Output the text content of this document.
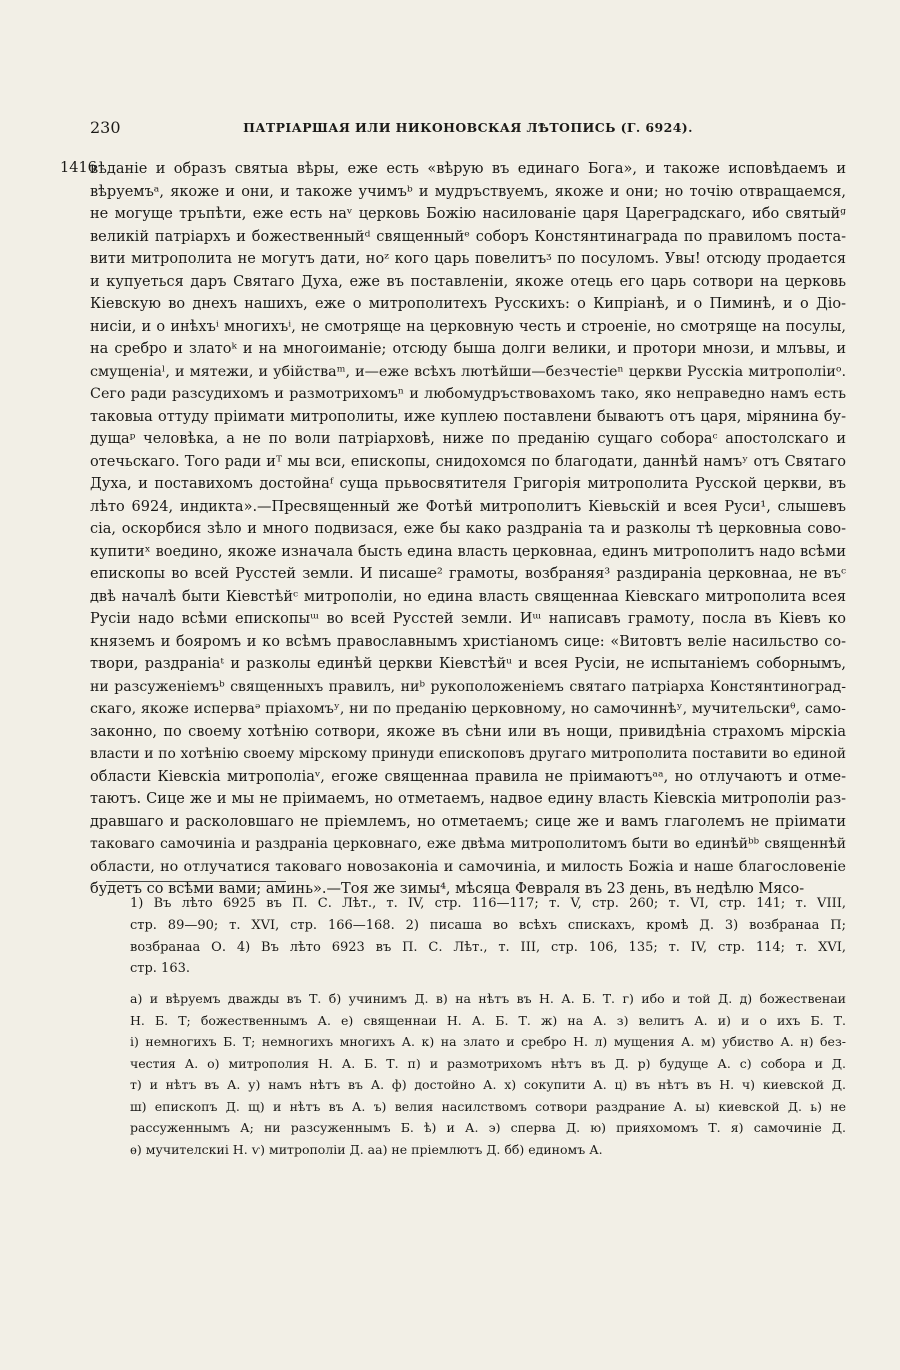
230	ПАТРІАРШАЯ ИЛИ НИКОНОВСКАЯ ЛѢТОПИСЬ (Г. 6924).
1416
вѣданіе и образъ святыа вѣры, еже есть «вѣрую въ единаго Бога», и такоже исповѣдаемъ и
вѣруемъᵃ, якоже и они, и такоже учимъᵇ и мудръствуемъ, якоже и они; но точію отвращаемся,
не могуще тръпѣти, еже есть наᵛ церковь Божію насилованіе царя Цареградскаго, ибо святыйᵍ
великій патріархъ и божественныйᵈ священныйᵉ соборъ Констянтинаграда по правиломъ поста-
вити митрополита не могутъ дати, ноᶻ кого царь повелитъᶾ по посуломъ. Увы! отсюду продается
и купуеться даръ Святаго Духа, еже въ поставленіи, якоже отець его царь сотвори на церковь
Кіевскую во днехъ нашихъ, еже о митрополитехъ Русскихъ: о Кипріанѣ, и о Пиминѣ, и о Діо-
нисіи, и о инѣхъⁱ многихъⁱ, не смотряще на церковную честь и строеніе, но смотряще на посулы,
на сребро и златоᵏ и на многоиманіе; отсюду быша долги велики, и протори мнози, и млъвы, и
смущеніаˡ, и мятежи, и убійстваᵐ, и—еже всѣхъ лютѣйши—безчестіеⁿ церкви Русскіа митрополіиᵒ.
Сего ради разсудихомъ и размотрихомъⁿ и любомудръствовахомъ тако, яко неправедно намъ есть
таковыа оттуду пріимати митрополиты, иже куплею поставлени бываютъ отъ царя, мірянина бу-
дущаᵖ человѣка, а не по воли патріарховѣ, ниже по преданію сущаго собораᶜ апостолскаго и
отечьскаго. Того ради иᵀ мы вси, епископы, снидохомся по благодати, даннѣй намъʸ отъ Святаго
Духа, и поставихомъ достойнаᶠ суща прьвосвятителя Григорія митрополита Русской церкви, въ
лѣто 6924, индикта».—Пресвященный же Фотѣй митрополитъ Кіевьскій и всея Руси¹, слышевъ
сіа, оскорбися зѣло и много подвизася, еже бы како раздраніа та и разколы тѣ церковныа сово-
купитиˣ воедино, якоже изначала бысть едина власть церковнаа, единъ митрополитъ надо всѣми
епископы во всей Русстей земли. И писаше² грамоты, возбраняя³ раздираніа церковнаа, не въᶜ
двѣ началѣ быти Кіевстѣйᶜ митрополіи, но едина власть священнаа Кіевскаго митрополита всея
Русіи надо всѣми епископыᵚ во всей Русстей земли. Иᵚ написавъ грамоту, посла въ Кіевъ ко
княземъ и бояромъ и ко всѣмъ православнымъ христіаномъ сице: «Витовтъ веліе насильство со-
твори, раздраніаᵗ и разколы единѣй церкви Кіевстѣйᵘ и всея Русіи, не испытаніемъ соборнымъ,
ни разсуженіемъᵇ священныхъ правилъ, ниᵇ рукоположеніемъ святаго патріарха Констянтиноград-
скаго, якоже исперваᵊ пріахомъʸ, ни по преданію церковному, но самочиннѣʸ, мучительскиᶿ, само-
законно, по своему хотѣнію сотвори, якоже въ сѣни или въ нощи, привидѣніа страхомъ мірскіа
власти и по хотѣнію своему мірскому принуди епископовъ другаго митрополита поставити во единой
области Кіевскіа митрополіаᵛ, егоже священнаа правила не пріимаютъᵃᵃ, но отлучаютъ и отме-
таютъ. Сице же и мы не пріимаемъ, но отметаемъ, надвое едину власть Кіевскіа митрополіи раз-
дравшаго и расколовшаго не пріемлемъ, но отметаемъ; сице же и вамъ глаголемъ не пріимати
таковаго самочиніа и раздраніа церковнаго, еже двѣма митрополитомъ быти во единѣйᵇᵇ священнѣй
области, но отлучатися таковаго новозаконіа и самочиніа, и милость Божіа и наше благословеніе
будетъ со всѣми вами; аминь».—Тоя же зимы⁴, мѣсяца Февраля въ 23 день, въ недѣлю Мясо-
1) Въ лѣто 6925 въ П. С. Лѣт., т. IV, стр. 116—117; т. V, стр. 260; т. VI, стр. 141; т. VIII,
стр. 89—90; т. XVI, стр. 166—168. 2) писаша во всѣхъ спискахъ, кромѣ Д. 3) возбранаа П;
возбранаа О. 4) Въ лѣто 6923 въ П. С. Лѣт., т. III, стр. 106, 135; т. IV, стр. 114; т. XVI,
стр. 163.
а) и вѣруемъ дважды въ Т. б) учинимъ Д. в) на нѣтъ въ Н. А. Б. Т. г) ибо и той Д. д) божественаи
Н. Б. Т; божественнымъ А. е) священнаи Н. А. Б. Т. ж) на А. з) велитъ А. и) и о ихъ Б. Т.
і) немногихъ Б. Т; немногихъ многихъ А. к) на злато и сребро Н. л) мущения А. м) убиство А. н) без-
честия А. о) митрополия Н. А. Б. Т. п) и размотрихомъ нѣтъ въ Д. р) будуще А. с) собора и Д.
т) и нѣтъ въ А. у) намъ нѣтъ въ А. ф) достойно А. х) сокупити А. ц) въ нѣтъ въ Н. ч) киевской Д.
ш) епископъ Д. щ) и нѣтъ въ А. ъ) велия насилствомъ сотвори раздрание А. ы) киевской Д. ь) не
рассуженнымъ А; ни разсуженнымъ Б. ѣ) и А. э) сперва Д. ю) прияхомомъ Т. я) самочиніе Д.
ѳ) мучителскиі Н. ѵ) митрополіи Д. аа) не пріемлютъ Д. бб) единомъ А.
